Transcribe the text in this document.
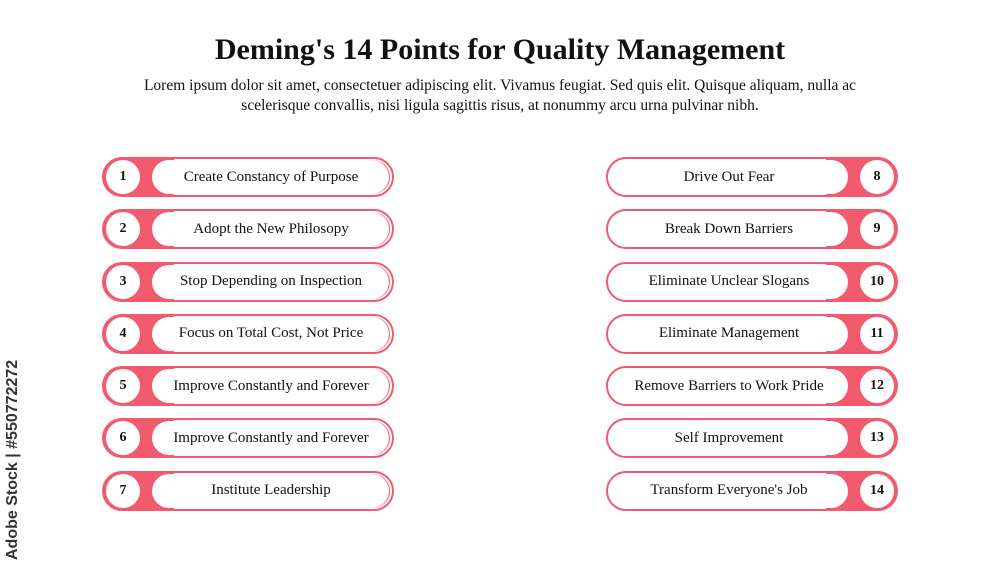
Deming's 14 Points for Quality Management
Lorem ipsum dolor sit amet, consectetuer adipiscing elit. Vivamus feugiat. Sed quis elit. Quisque aliquam, nulla ac scelerisque convallis, nisi ligula sagittis risus, at nonummy arcu urna pulvinar nibh.
Adobe Stock | #550772272
1	Create Constancy of Purpose
2	Adopt the New Philosopy
3	Stop Depending on Inspection
4	Focus on Total Cost, Not Price
5	Improve Constantly and Forever
6	Improve Constantly and Forever
7	Institute Leadership
Drive Out Fear	8
Break Down Barriers	9
Eliminate Unclear Slogans	10
Eliminate Management	11
Remove Barriers to Work Pride	12
Self Improvement	13
Transform Everyone's Job	14
